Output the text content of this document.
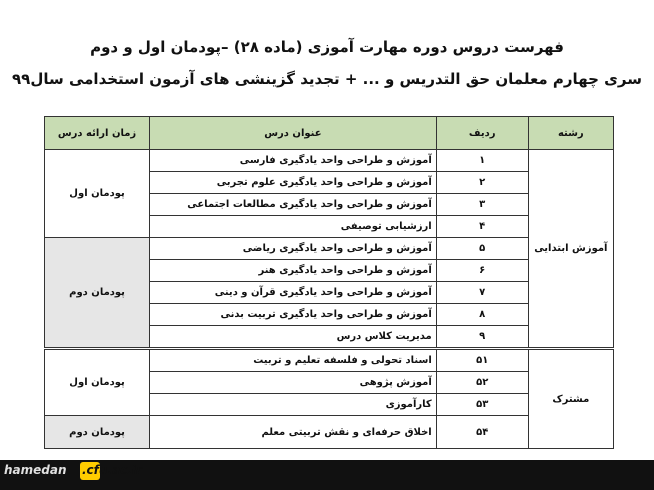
فهرست دروس دوره مهارت آموزی (ماده ۲۸) –پودمان اول و دوم
سری چهارم معلمان حق التدریس و ... + تجدید گزینشی های آزمون استخدامی سال۹۹
رشته	ردیف	عنوان درس	زمان ارائه درس
آموزش ابتدایی	۱	آموزش و طراحی واحد یادگیری فارسی	پودمان اول
	۲	آموزش و طراحی واحد یادگیری علوم تجربی	
	۳	آموزش و طراحی واحد یادگیری مطالعات اجتماعی	
	۴	ارزشیابی توصیفی	
	۵	آموزش و طراحی واحد یادگیری ریاضی	پودمان دوم
	۶	آموزش و طراحی واحد یادگیری هنر	
	۷	آموزش و طراحی واحد یادگیری قرآن و دینی	
	۸	آموزش و طراحی واحد یادگیری تربیت بدنی	
	۹	مدیریت کلاس درس	
مشترک	۵۱	اسناد تحولی و فلسفه تعلیم و تربیت	پودمان اول
	۵۲	آموزش پژوهی	
	۵۳	کارآموزی	
	۵۴	اخلاق حرفه‌ای و نقش تربیتی معلم	پودمان دوم
hamedan .cfu.ac.ir
